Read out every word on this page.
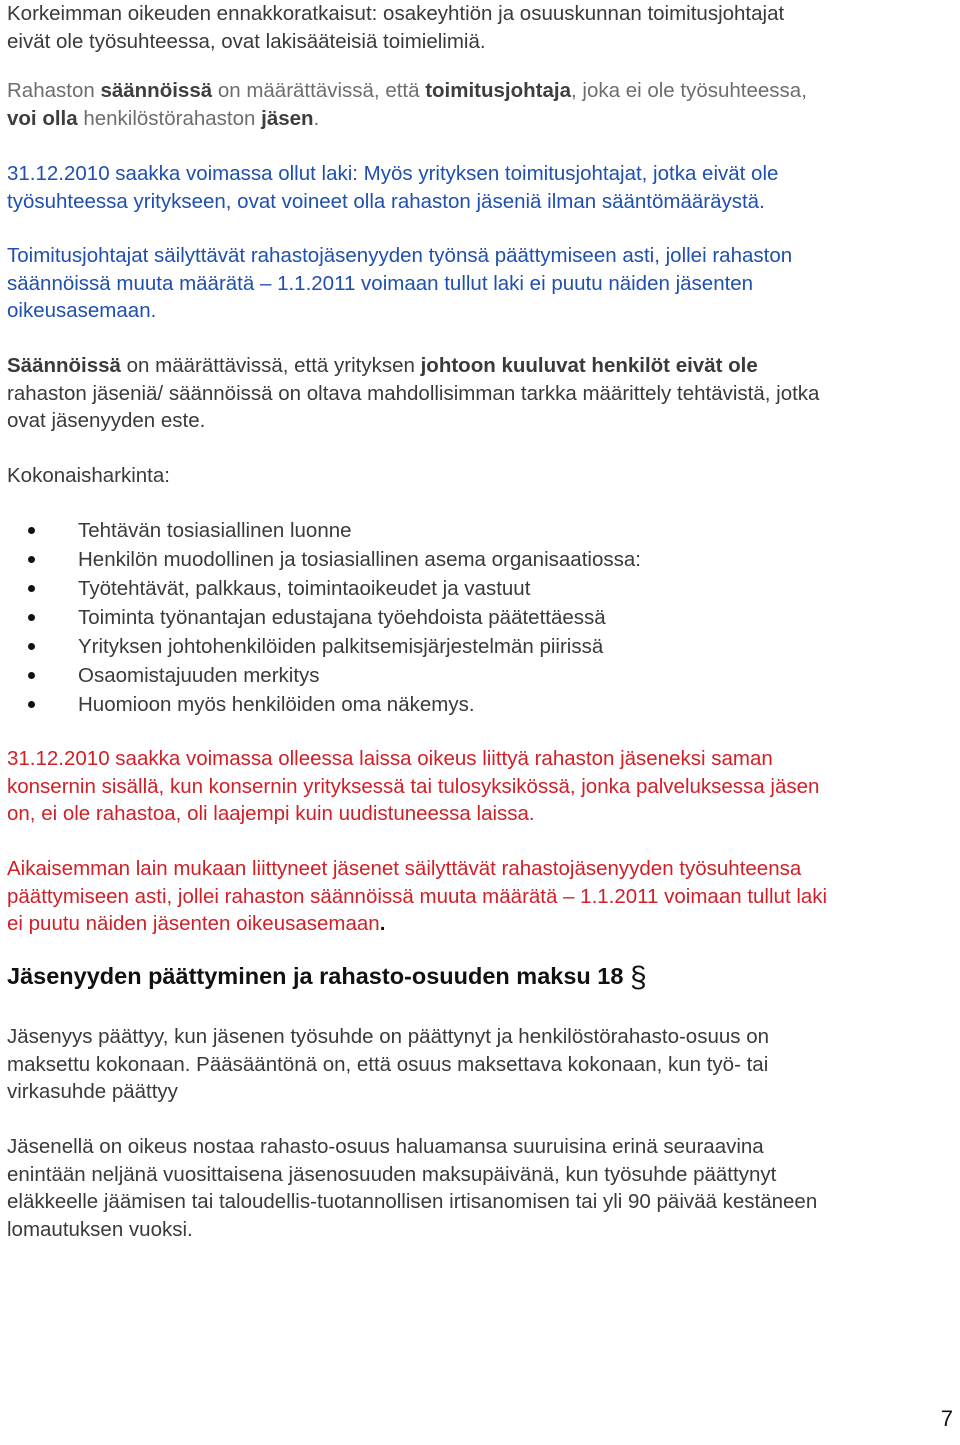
Korkeimman oikeuden ennakkoratkaisut: osakeyhtiön ja osuuskunnan toimitusjohtajat
eivät ole työsuhteessa, ovat lakisääteisiä toimielimiä.
Rahaston säännöissä on määrättävissä, että toimitusjohtaja, joka ei ole työsuhteessa,
voi olla henkilöstörahaston jäsen.
31.12.2010 saakka voimassa ollut laki: Myös yrityksen toimitusjohtajat, jotka eivät ole
työsuhteessa yritykseen, ovat voineet olla rahaston jäseniä ilman sääntömääräystä.
Toimitusjohtajat säilyttävät rahastojäsenyyden työnsä päättymiseen asti, jollei rahaston
säännöissä muuta määrätä – 1.1.2011 voimaan tullut laki ei puutu näiden jäsenten
oikeusasemaan.
Säännöissä on määrättävissä, että yrityksen johtoon kuuluvat henkilöt eivät ole
rahaston jäseniä/ säännöissä on oltava mahdollisimman tarkka määrittely tehtävistä, jotka
ovat jäsenyyden este.
Kokonaisharkinta:
Tehtävän tosiasiallinen luonne
Henkilön muodollinen ja tosiasiallinen asema organisaatiossa:
Työtehtävät, palkkaus, toimintaoikeudet ja vastuut
Toiminta työnantajan edustajana työehdoista päätettäessä
Yrityksen johtohenkilöiden palkitsemisjärjestelmän piirissä
Osaomistajuuden merkitys
Huomioon myös henkilöiden oma näkemys.
31.12.2010 saakka voimassa olleessa laissa oikeus liittyä rahaston jäseneksi saman
konsernin sisällä, kun konsernin yrityksessä tai tulosyksikössä, jonka palveluksessa jäsen
on, ei ole rahastoa, oli laajempi kuin uudistuneessa laissa.
Aikaisemman lain mukaan liittyneet jäsenet säilyttävät rahastojäsenyyden työsuhteensa
päättymiseen asti, jollei rahaston säännöissä muuta määrätä – 1.1.2011 voimaan tullut laki
ei puutu näiden jäsenten oikeusasemaan.
Jäsenyyden päättyminen ja rahasto-osuuden maksu 18 §
Jäsenyys päättyy, kun jäsenen työsuhde on päättynyt ja henkilöstörahasto-osuus on
maksettu kokonaan. Pääsääntönä on, että osuus maksettava kokonaan, kun työ- tai
virkasuhde päättyy
Jäsenellä on oikeus nostaa rahasto-osuus haluamansa suuruisina erinä seuraavina
enintään neljänä vuosittaisena jäsenosuuden maksupäivänä, kun työsuhde päättynyt
eläkkeelle jäämisen tai taloudellis-tuotannollisen irtisanomisen tai yli 90 päivää kestäneen
lomautuksen vuoksi.
7
